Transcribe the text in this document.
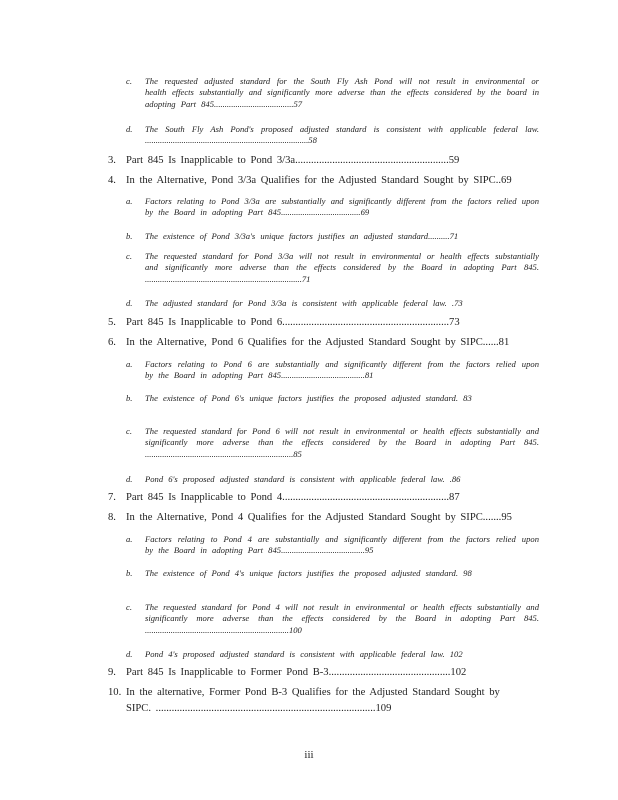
c. The requested adjusted standard for the South Fly Ash Pond will not result in environmental or health effects substantially and significantly more adverse than the effects considered by the board in adopting Part 845.....................................57
d. The South Fly Ash Pond's proposed adjusted standard is consistent with applicable federal law. ............................................................................58
3. Part 845 Is Inapplicable to Pond 3/3a..........................................................59
4. In the Alternative, Pond 3/3a Qualifies for the Adjusted Standard Sought by SIPC..69
a. Factors relating to Pond 3/3a are substantially and significantly different from the factors relied upon by the Board in adopting Part 845.....................................69
b. The existence of Pond 3/3a's unique factors justifies an adjusted standard..........71
c. The requested standard for Pond 3/3a will not result in environmental or health effects substantially and significantly more adverse than the effects considered by the Board in adopting Part 845. .........................................................................71
d. The adjusted standard for Pond 3/3a is consistent with applicable federal law. .73
5. Part 845 Is Inapplicable to Pond 6...............................................................73
6. In the Alternative, Pond 6 Qualifies for the Adjusted Standard Sought by SIPC......81
a. Factors relating to Pond 6 are substantially and significantly different from the factors relied upon by the Board in adopting Part 845.......................................81
b. The existence of Pond 6's unique factors justifies the proposed adjusted standard. 83
c. The requested standard for Pond 6 will not result in environmental or health effects substantially and significantly more adverse than the effects considered by the Board in adopting Part 845. .....................................................................85
d. Pond 6's proposed adjusted standard is consistent with applicable federal law. .86
7. Part 845 Is Inapplicable to Pond 4...............................................................87
8. In the Alternative, Pond 4 Qualifies for the Adjusted Standard Sought by SIPC.......95
a. Factors relating to Pond 4 are substantially and significantly different from the factors relied upon by the Board in adopting Part 845.......................................95
b. The existence of Pond 4's unique factors justifies the proposed adjusted standard. 98
c. The requested standard for Pond 4 will not result in environmental or health effects substantially and significantly more adverse than the effects considered by the Board in adopting Part 845. ...................................................................100
d. Pond 4's proposed adjusted standard is consistent with applicable federal law. 102
9. Part 845 Is Inapplicable to Former Pond B-3..............................................102
10. In the alternative, Former Pond B-3 Qualifies for the Adjusted Standard Sought by SIPC. ...................................................................................109
iii
